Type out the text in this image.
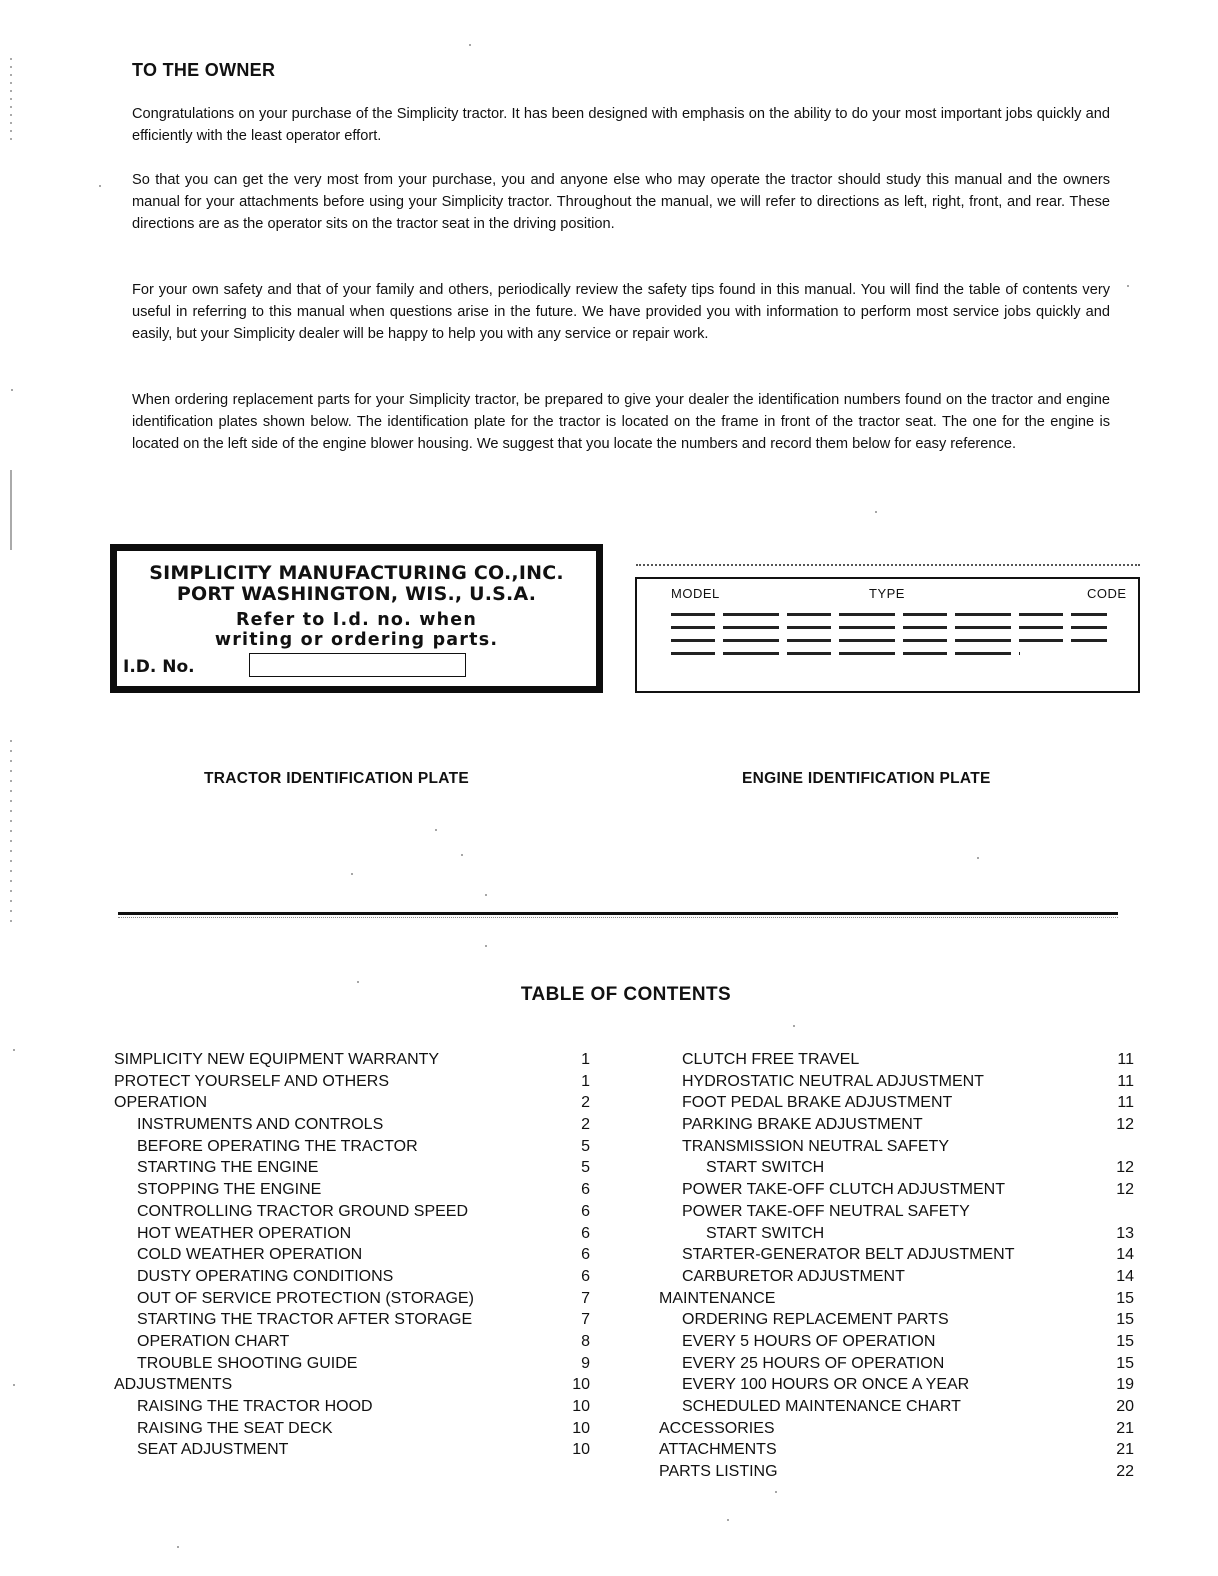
TO THE OWNER

Congratulations on your purchase of the Simplicity tractor. It has been designed with emphasis on the ability to do your most important jobs quickly and efficiently with the least operator effort.

So that you can get the very most from your purchase, you and anyone else who may operate the tractor should study this manual and the owners manual for your attachments before using your Simplicity tractor. Throughout the manual, we will refer to directions as left, right, front, and rear. These directions are as the operator sits on the tractor seat in the driving position.

For your own safety and that of your family and others, periodically review the safety tips found in this manual. You will find the table of contents very useful in referring to this manual when questions arise in the future. We have provided you with information to perform most service jobs quickly and easily, but your Simplicity dealer will be happy to help you with any service or repair work.

When ordering replacement parts for your Simplicity tractor, be prepared to give your dealer the identification numbers found on the tractor and engine identification plates shown below. The identification plate for the tractor is located on the frame in front of the tractor seat. The one for the engine is located on the left side of the engine blower housing. We suggest that you locate the numbers and record them below for easy reference.

SIMPLICITY MANUFACTURING CO.,INC.
PORT WASHINGTON, WIS., U.S.A.
Refer to I.d. no. when
writing or ordering parts.
I.D. No.
MODEL	TYPE	CODE
TRACTOR IDENTIFICATION PLATE	ENGINE IDENTIFICATION PLATE
TABLE OF CONTENTS
SIMPLICITY NEW EQUIPMENT WARRANTY	1
PROTECT YOURSELF AND OTHERS	1
OPERATION	2
INSTRUMENTS AND CONTROLS	2
BEFORE OPERATING THE TRACTOR	5
STARTING THE ENGINE	5
STOPPING THE ENGINE	6
CONTROLLING TRACTOR GROUND SPEED	6
HOT WEATHER OPERATION	6
COLD WEATHER OPERATION	6
DUSTY OPERATING CONDITIONS	6
OUT OF SERVICE PROTECTION (STORAGE)	7
STARTING THE TRACTOR AFTER STORAGE	7
OPERATION CHART	8
TROUBLE SHOOTING GUIDE	9
ADJUSTMENTS	10
RAISING THE TRACTOR HOOD	10
RAISING THE SEAT DECK	10
SEAT ADJUSTMENT	10
CLUTCH FREE TRAVEL	11
HYDROSTATIC NEUTRAL ADJUSTMENT	11
FOOT PEDAL BRAKE ADJUSTMENT	11
PARKING BRAKE ADJUSTMENT	12
TRANSMISSION NEUTRAL SAFETY
START SWITCH	12
POWER TAKE-OFF CLUTCH ADJUSTMENT	12
POWER TAKE-OFF NEUTRAL SAFETY
START SWITCH	13
STARTER-GENERATOR BELT ADJUSTMENT	14
CARBURETOR ADJUSTMENT	14
MAINTENANCE	15
ORDERING REPLACEMENT PARTS	15
EVERY 5 HOURS OF OPERATION	15
EVERY 25 HOURS OF OPERATION	15
EVERY 100 HOURS OR ONCE A YEAR	19
SCHEDULED MAINTENANCE CHART	20
ACCESSORIES	21
ATTACHMENTS	21
PARTS LISTING	22
